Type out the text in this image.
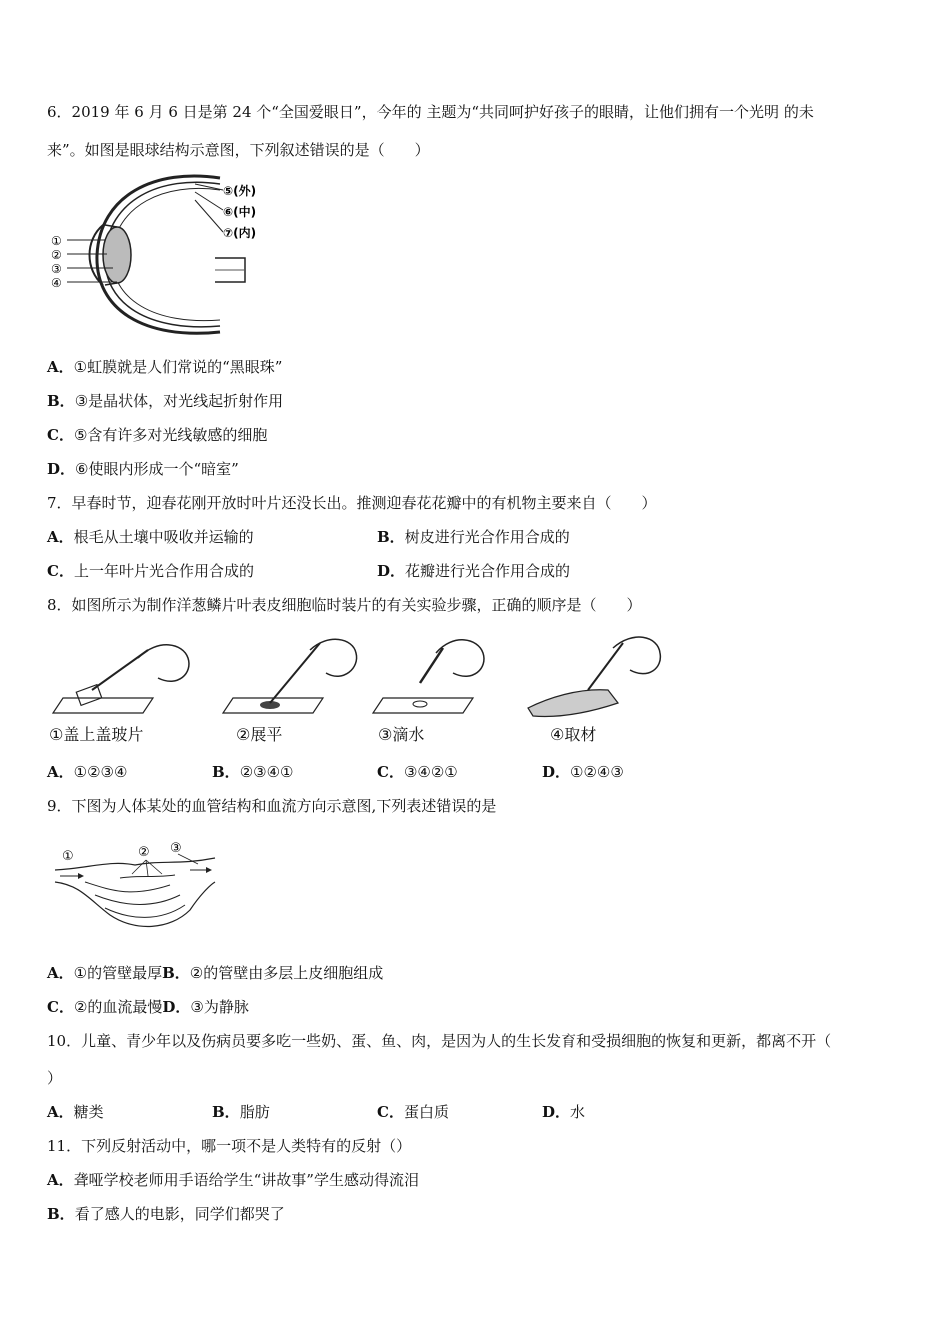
6．2019 年 6 月 6 日是第 24 个“全国爱眼日”，今年的 主题为“共同呵护好孩子的眼睛，让他们拥有一个光明 的未
来”。如图是眼球结构示意图，下列叙述错误的是（　　）
⑤(外)
⑥(中)
⑦(内)
①
②
③
④
A．①虹膜就是人们常说的“黑眼珠”
B．③是晶状体，对光线起折射作用
C．⑤含有许多对光线敏感的细胞
D．⑥使眼内形成一个“暗室”
7．早春时节，迎春花刚开放时叶片还没长出。推测迎春花花瓣中的有机物主要来自（　　）
A．根毛从土壤中吸收并运输的	B．树皮进行光合作用合成的
C．上一年叶片光合作用合成的	D．花瓣进行光合作用合成的
8．如图所示为制作洋葱鳞片叶表皮细胞临时装片的有关实验步骤，正确的顺序是（　　）
①盖上盖玻片	②展平	③滴水	④取材
A．①②③④	B．②③④①	C．③④②①	D．①②④③
9．下图为人体某处的血管结构和血流方向示意图,下列表述错误的是
①	② ③
A．①的管壁最厚B．②的管壁由多层上皮细胞组成
C．②的血流最慢D．③为静脉
10．儿童、青少年以及伤病员要多吃一些奶、蛋、鱼、肉，是因为人的生长发育和受损细胞的恢复和更新，都离不开（
）
A．糖类	B．脂肪	C．蛋白质	D．水
11．下列反射活动中，哪一项不是人类特有的反射（）
A．聋哑学校老师用手语给学生“讲故事”学生感动得流泪
B．看了感人的电影，同学们都哭了
